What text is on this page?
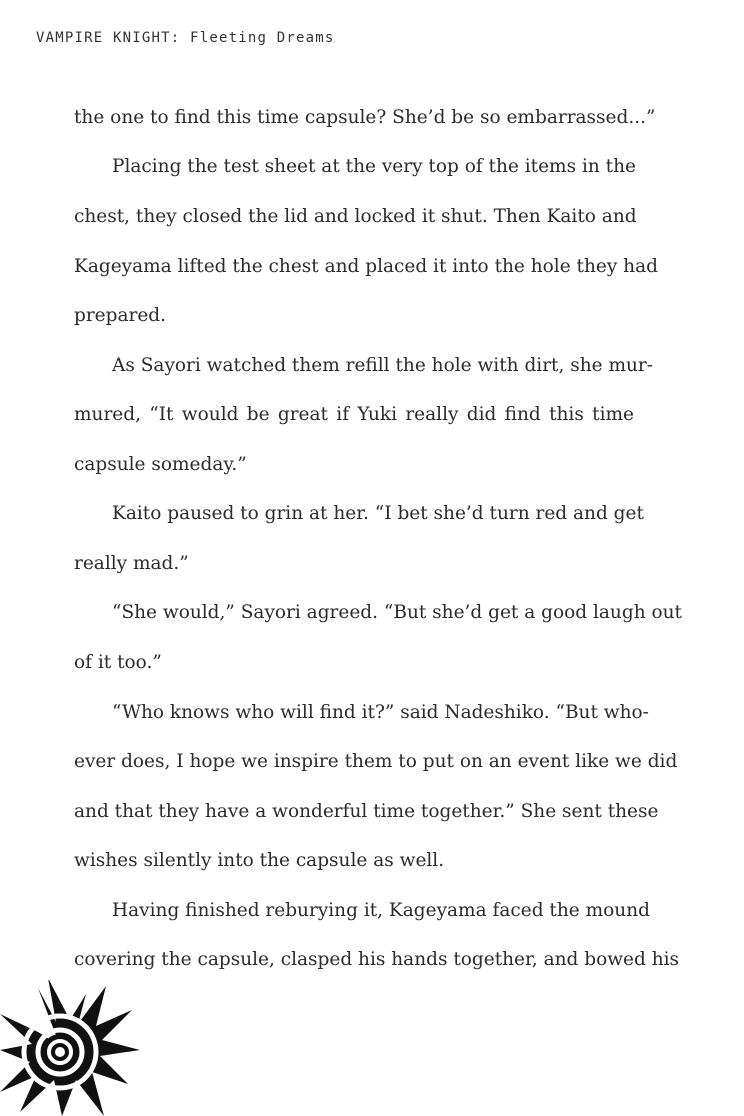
VAMPIRE KNIGHT: Fleeting Dreams
the one to find this time capsule? She’d be so embarrassed...”
Placing the test sheet at the very top of the items in the
chest, they closed the lid and locked it shut. Then Kaito and
Kageyama lifted the chest and placed it into the hole they had
prepared.
As Sayori watched them refill the hole with dirt, she mur-
mured, “It would be great if Yuki really did find this time
capsule someday.”
Kaito paused to grin at her. “I bet she’d turn red and get
really mad.”
“She would,” Sayori agreed. “But she’d get a good laugh out
of it too.”
“Who knows who will find it?” said Nadeshiko. “But who-
ever does, I hope we inspire them to put on an event like we did
and that they have a wonderful time together.” She sent these
wishes silently into the capsule as well.
Having finished reburying it, Kageyama faced the mound
covering the capsule, clasped his hands together, and bowed his
